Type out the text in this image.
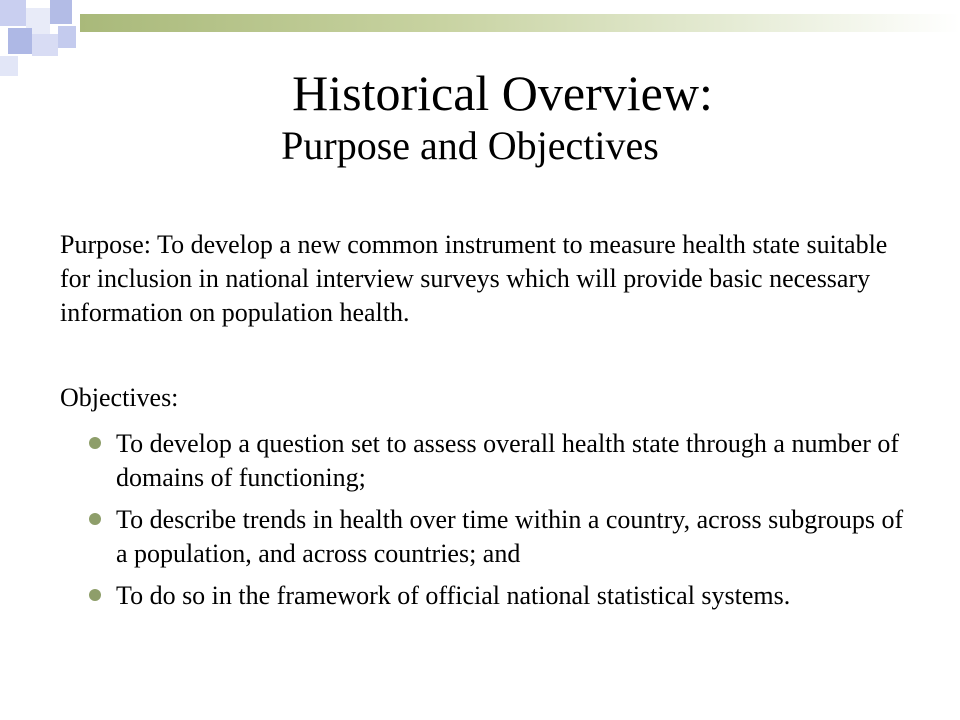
Historical Overview:
Purpose and Objectives

Purpose: To develop a new common instrument to measure health state suitable for inclusion in national interview surveys which will provide basic necessary information on population health.

Objectives:

To develop a question set to assess overall health state through a number of domains of functioning;
To describe trends in health over time within a country, across subgroups of a population, and across countries; and
To do so in the framework of official national statistical systems.
